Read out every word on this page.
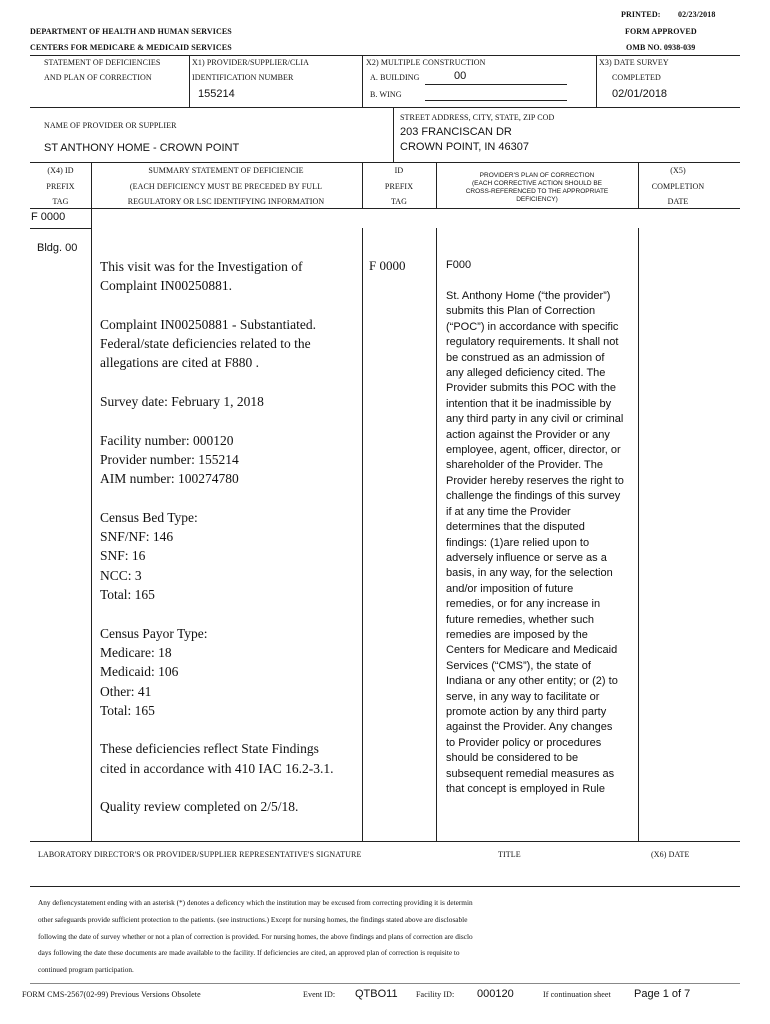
PRINTED: 02/23/2018
DEPARTMENT OF HEALTH AND HUMAN SERVICES	FORM APPROVED
CENTERS FOR MEDICARE & MEDICAID SERVICES	OMB NO. 0938-039
STATEMENT OF DEFICIENCIES
AND PLAN OF CORRECTION
X1) PROVIDER/SUPPLIER/CLIA
IDENTIFICATION NUMBER
155214
X2) MULTIPLE CONSTRUCTION
A. BUILDING	00
B. WING
X3) DATE SURVEY
COMPLETED
02/01/2018
NAME OF PROVIDER OR SUPPLIER
ST ANTHONY HOME - CROWN POINT
STREET ADDRESS, CITY, STATE, ZIP COD
203 FRANCISCAN DR
CROWN POINT, IN 46307
(X4) ID
PREFIX
TAG
SUMMARY STATEMENT OF DEFICIENCIE
(EACH DEFICIENCY MUST BE PRECEDED BY FULL
REGULATORY OR LSC IDENTIFYING INFORMATION
ID
PREFIX
TAG
PROVIDER'S PLAN OF CORRECTION
(EACH CORRECTIVE ACTION SHOULD BE
CROSS-REFERENCED TO THE APPROPRIATE
DEFICIENCY)
(X5)
COMPLETION
DATE
F 0000
Bldg. 00
This visit was for the Investigation of
Complaint IN00250881.

Complaint IN00250881 - Substantiated.
Federal/state deficiencies related to the
allegations are cited at F880 .

Survey date: February 1, 2018

Facility number: 000120
Provider number: 155214
AIM number: 100274780

Census Bed Type:
SNF/NF: 146
SNF: 16
NCC: 3
Total: 165

Census Payor Type:
Medicare: 18
Medicaid: 106
Other: 41
Total: 165

These deficiencies reflect State Findings
cited in accordance with 410 IAC 16.2-3.1.

Quality review completed on 2/5/18.
F 0000	F000
St. Anthony Home (“the provider”) submits this Plan of Correction (“POC”) in accordance with specific regulatory requirements. It shall not be construed as an admission of any alleged deficiency cited. The Provider submits this POC with the intention that it be inadmissible by any third party in any civil or criminal action against the Provider or any employee, agent, officer, director, or shareholder of the Provider. The Provider hereby reserves the right to challenge the findings of this survey if at any time the Provider determines that the disputed findings: (1)are relied upon to adversely influence or serve as a basis, in any way, for the selection and/or imposition of future remedies, or for any increase in future remedies, whether such remedies are imposed by the Centers for Medicare and Medicaid Services (“CMS”), the state of Indiana or any other entity; or (2) to serve, in any way to facilitate or promote action by any third party against the Provider. Any changes to Provider policy or procedures should be considered to be subsequent remedial measures as that concept is employed in Rule
LABORATORY DIRECTOR'S OR PROVIDER/SUPPLIER REPRESENTATIVE'S SIGNATURE	TITLE	(X6) DATE
Any defiencystatement ending with an asterisk (*) denotes a deficency which the institution may be excused from correcting providing it is determin
other safeguards provide sufficient protection to the patients. (see instructions.) Except for nursing homes, the findings stated above are disclosable
following the date of survey whether or not a plan of correction is provided. For nursing homes, the above findings and plans of correction are disclo
days following the date these documents are made available to the facility. If deficiencies are cited, an approved plan of correction is requisite to
continued program participation.
FORM CMS-2567(02-99) Previous Versions Obsolete	Event ID: QTBO11 Facility ID: 000120	If continuation sheet Page 1 of 7
